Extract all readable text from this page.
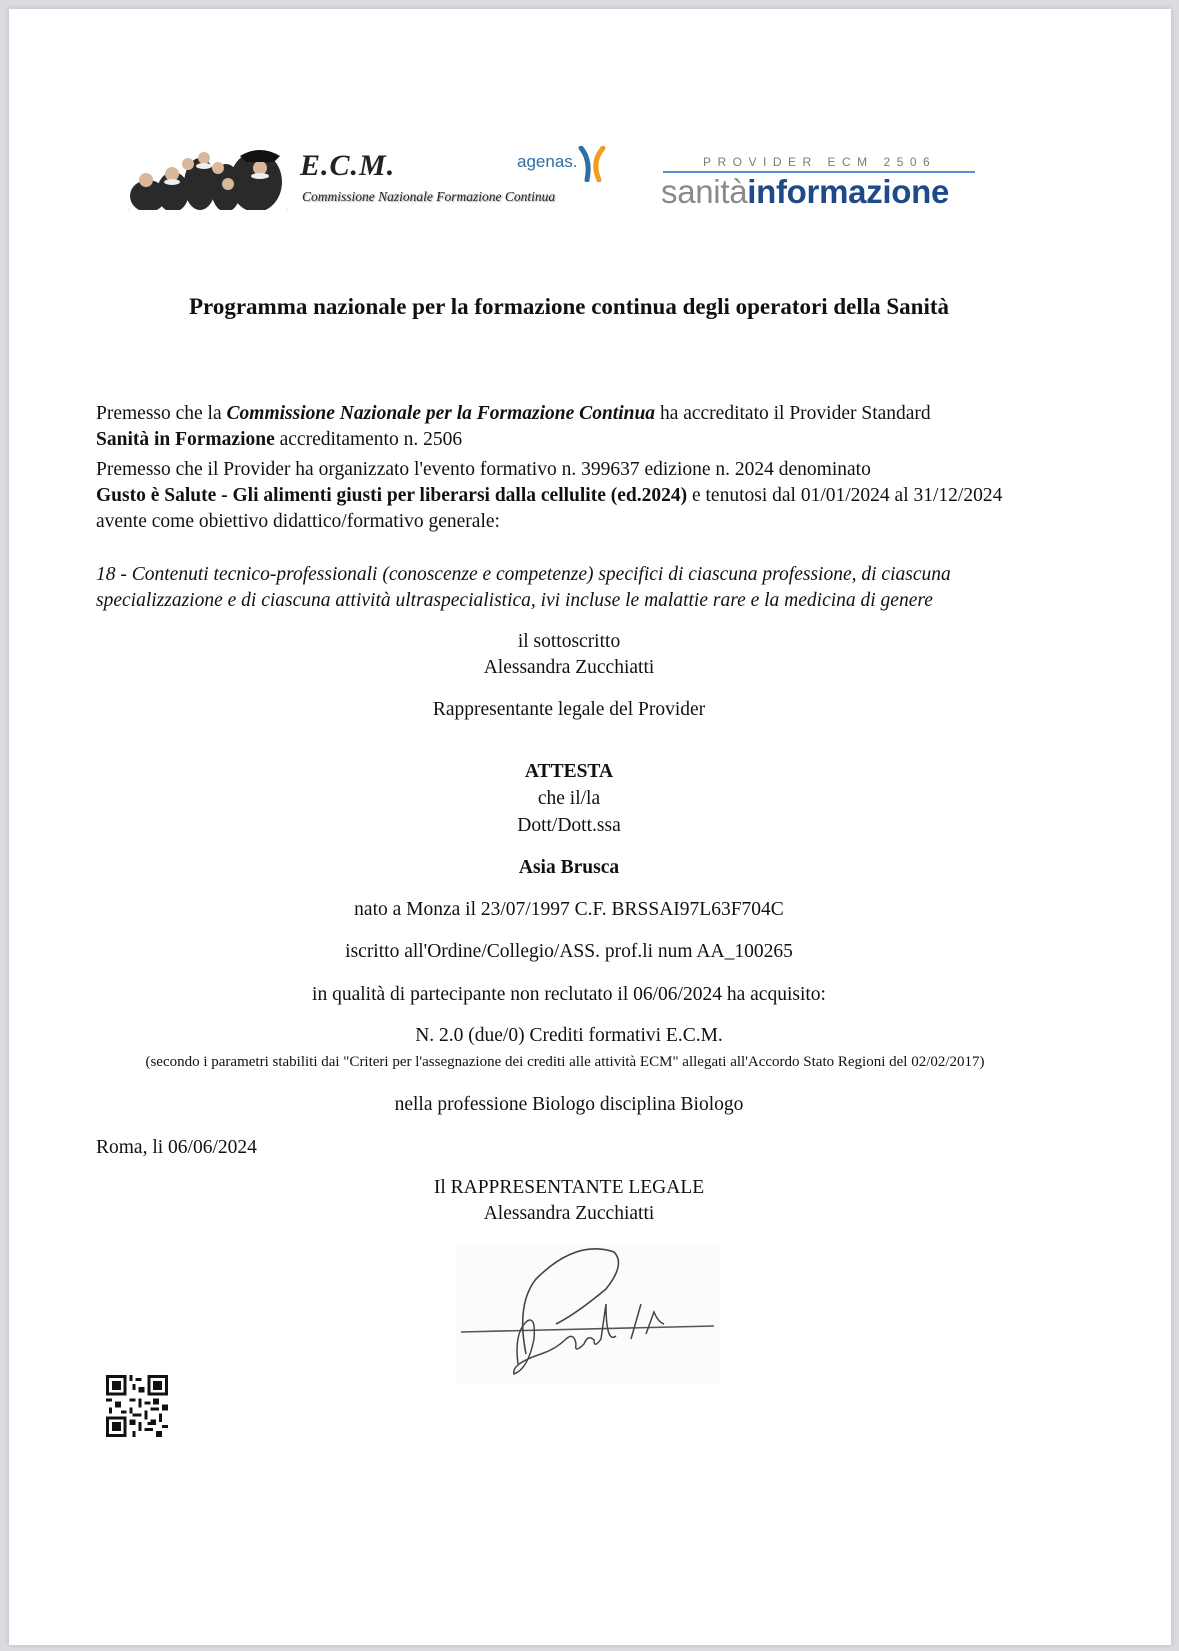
E.C.M.
Commissione Nazionale Formazione Continua
agenas.	PROVIDER ECM 2506
sanitàinformazione
Programma nazionale per la formazione continua degli operatori della Sanità
Premesso che la Commissione Nazionale per la Formazione Continua ha accreditato il Provider Standard
Sanità in Formazione accreditamento n. 2506
Premesso che il Provider ha organizzato l'evento formativo n. 399637 edizione n. 2024 denominato
Gusto è Salute - Gli alimenti giusti per liberarsi dalla cellulite (ed.2024) e tenutosi dal 01/01/2024 al 31/12/2024 avente come obiettivo didattico/formativo generale:
18 - Contenuti tecnico-professionali (conoscenze e competenze) specifici di ciascuna professione, di ciascuna specializzazione e di ciascuna attività ultraspecialistica, ivi incluse le malattie rare e la medicina di genere
il sottoscritto
Alessandra Zucchiatti
Rappresentante legale del Provider
ATTESTA
che il/la
Dott/Dott.ssa
Asia Brusca
nato a Monza il 23/07/1997 C.F. BRSSAI97L63F704C
iscritto all'Ordine/Collegio/ASS. prof.li num AA_100265
in qualità di partecipante non reclutato il 06/06/2024 ha acquisito:
N. 2.0 (due/0) Crediti formativi E.C.M.
(secondo i parametri stabiliti dai "Criteri per l'assegnazione dei crediti alle attività ECM" allegati all'Accordo Stato Regioni del 02/02/2017)
nella professione Biologo disciplina Biologo
Roma, li 06/06/2024
Il RAPPRESENTANTE LEGALE
Alessandra Zucchiatti
